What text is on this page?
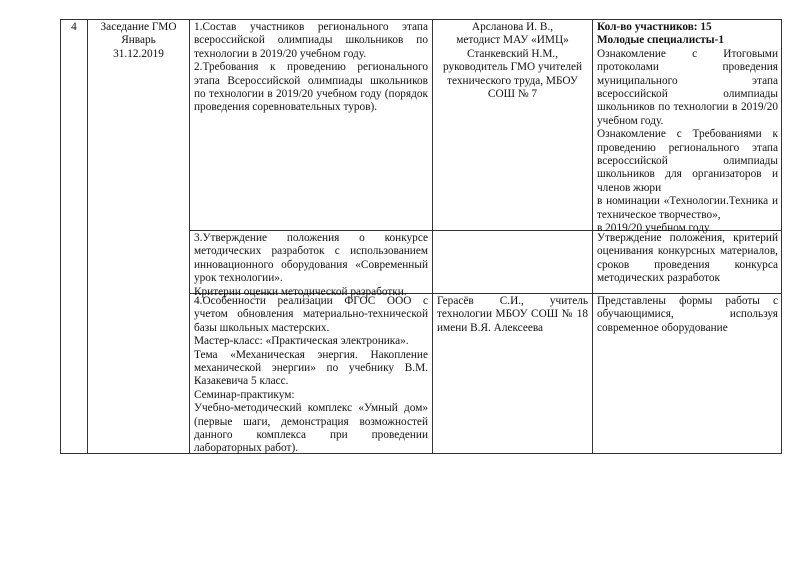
4	Заседание ГМО
Январь
31.12.2019
1.Состав участников регионального этапа всероссийской олимпиады школьников по технологии в 2019/20 учебном году.
2.Требования к проведению регионального этапа Всероссийской олимпиады школьников по технологии в 2019/20 учебном году (порядок проведения соревновательных туров).
Арсланова И. В.,
методист МАУ «ИМЦ»
Станкевский Н.М.,
руководитель ГМО учителей
технического труда, МБОУ
СОШ № 7
Кол-во участников: 15
Молодые специалисты-1
Ознакомление с Итоговыми протоколами проведения муниципального этапа всероссийской олимпиады школьников по технологии в 2019/20 учебном году.
Ознакомление с Требованиями к проведению регионального этапа всероссийской олимпиады школьников для организаторов и членов жюри
в номинации «Технологии.Техника и техническое творчество»,
в 2019/20 учебном году.
3.Утверждение положения о конкурсе методических разработок с использованием инновационного оборудования «Современный урок технологии».
Критерии оценки методической разработки.
Утверждение положения, критерий оценивания конкурсных материалов, сроков проведения конкурса методических разработок
4.Особенности реализации ФГОС ООО с учетом обновления материально-технической базы школьных мастерских.
Мастер-класс: «Практическая электроника».
Тема «Механическая энергия. Накопление механической энергии» по учебнику В.М. Казакевича 5 класс.
Семинар-практикум:
Учебно-методический комплекс «Умный дом» (первые шаги, демонстрация возможностей данного комплекса при проведении лабораторных работ).
Герасёв С.И., учитель технологии МБОУ СОШ № 18 имени В.Я. Алексеева
Представлены формы работы с обучающимися, используя современное оборудование
